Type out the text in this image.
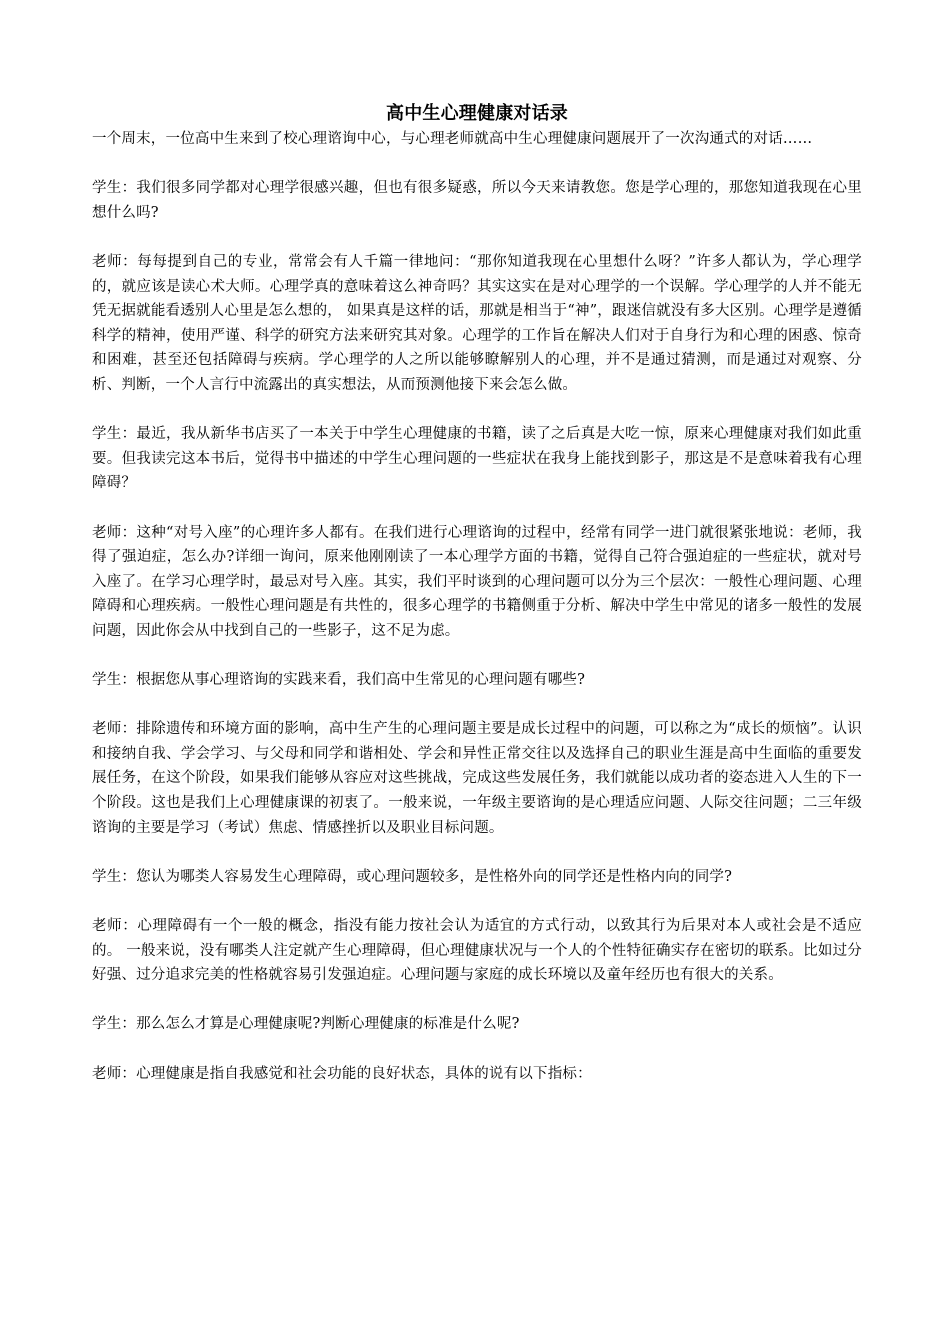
高中生心理健康对话录

一个周末，一位高中生来到了校心理谘询中心，与心理老师就高中生心理健康问题展开了一次沟通式的对话……

学生：我们很多同学都对心理学很感兴趣，但也有很多疑惑，所以今天来请教您。您是学心理的，那您知道我现在心里想什么吗?

老师：每每提到自己的专业，常常会有人千篇一律地问：“那你知道我现在心里想什么呀？”许多人都认为，学心理学的，就应该是读心术大师。心理学真的意味着这么神奇吗？其实这实在是对心理学的一个误解。学心理学的人并不能无凭无据就能看透别人心里是怎么想的， 如果真是这样的话，那就是相当于“神”，跟迷信就没有多大区别。心理学是遵循科学的精神，使用严谨、科学的研究方法来研究其对象。心理学的工作旨在解决人们对于自身行为和心理的困惑、惊奇和困难，甚至还包括障碍与疾病。学心理学的人之所以能够瞭解别人的心理，并不是通过猜测，而是通过对观察、分析、判断，一个人言行中流露出的真实想法，从而预测他接下来会怎么做。

学生：最近，我从新华书店买了一本关于中学生心理健康的书籍，读了之后真是大吃一惊，原来心理健康对我们如此重要。但我读完这本书后，觉得书中描述的中学生心理问题的一些症状在我身上能找到影子，那这是不是意味着我有心理障碍？

老师：这种“对号入座”的心理许多人都有。在我们进行心理谘询的过程中，经常有同学一进门就很紧张地说：老师，我得了强迫症，怎么办?详细一询问，原来他刚刚读了一本心理学方面的书籍，觉得自己符合强迫症的一些症状，就对号入座了。在学习心理学时，最忌对号入座。其实，我们平时谈到的心理问题可以分为三个层次：一般性心理问题、心理障碍和心理疾病。一般性心理问题是有共性的，很多心理学的书籍侧重于分析、解决中学生中常见的诸多一般性的发展问题，因此你会从中找到自己的一些影子，这不足为虑。

学生：根据您从事心理谘询的实践来看，我们高中生常见的心理问题有哪些?

老师：排除遗传和环境方面的影响，高中生产生的心理问题主要是成长过程中的问题，可以称之为“成长的烦恼”。认识和接纳自我、学会学习、与父母和同学和谐相处、学会和异性正常交往以及选择自己的职业生涯是高中生面临的重要发展任务，在这个阶段，如果我们能够从容应对这些挑战，完成这些发展任务，我们就能以成功者的姿态进入人生的下一个阶段。这也是我们上心理健康课的初衷了。一般来说，一年级主要谘询的是心理适应问题、人际交往问题；二三年级谘询的主要是学习（考试）焦虑、情感挫折以及职业目标问题。

学生：您认为哪类人容易发生心理障碍，或心理问题较多，是性格外向的同学还是性格内向的同学?

老师：心理障碍有一个一般的概念，指没有能力按社会认为适宜的方式行动，以致其行为后果对本人或社会是不适应的。 一般来说，没有哪类人注定就产生心理障碍，但心理健康状况与一个人的个性特征确实存在密切的联系。比如过分好强、过分追求完美的性格就容易引发强迫症。心理问题与家庭的成长环境以及童年经历也有很大的关系。

学生：那么怎么才算是心理健康呢?判断心理健康的标准是什么呢?

老师：心理健康是指自我感觉和社会功能的良好状态，具体的说有以下指标：
